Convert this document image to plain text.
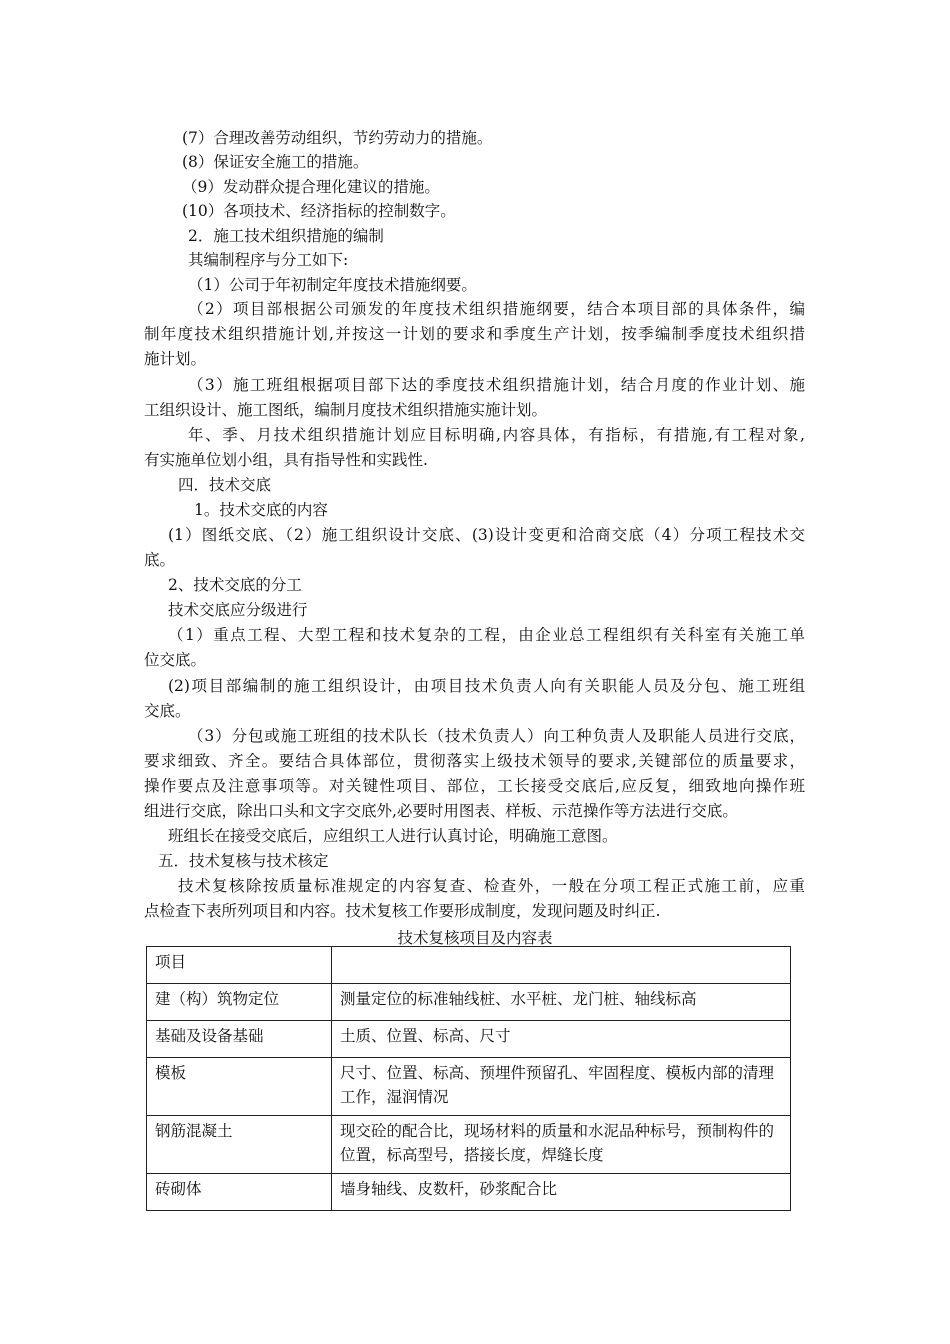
(7）合理改善劳动组织，节约劳动力的措施。
(8）保证安全施工的措施。
（9）发动群众提合理化建议的措施。
(10）各项技术、经济指标的控制数字。
2．施工技术组织措施的编制
其编制程序与分工如下:
（1）公司于年初制定年度技术措施纲要。
（2）项目部根据公司颁发的年度技术组织措施纲要，结合本项目部的具体条件，编
制年度技术组织措施计划,并按这一计划的要求和季度生产计划，按季编制季度技术组织措
施计划。
（3）施工班组根据项目部下达的季度技术组织措施计划，结合月度的作业计划、施
工组织设计、施工图纸，编制月度技术组织措施实施计划。
年、季、月技术组织措施计划应目标明确,内容具体，有指标，有措施,有工程对象,
有实施单位划小组，具有指导性和实践性.
四．技术交底
1。技术交底的内容
(1）图纸交底、（2）施工组织设计交底、(3)设计变更和洽商交底（4）分项工程技术交
底。
2、技术交底的分工
技术交底应分级进行
（1）重点工程、大型工程和技术复杂的工程，由企业总工程组织有关科室有关施工单
位交底。
(2)项目部编制的施工组织设计，由项目技术负责人向有关职能人员及分包、施工班组
交底。
（3）分包或施工班组的技术队长（技术负责人）向工种负责人及职能人员进行交底，
要求细致、齐全。要结合具体部位，贯彻落实上级技术领导的要求,关键部位的质量要求，
操作要点及注意事项等。对关键性项目、部位，工长接受交底后,应反复，细致地向操作班
组进行交底，除出口头和文字交底外,必要时用图表、样板、示范操作等方法进行交底。
班组长在接受交底后，应组织工人进行认真讨论，明确施工意图。
五．技术复核与技术核定
技术复核除按质量标准规定的内容复查、检查外，一般在分项工程正式施工前，应重
点检查下表所列项目和内容。技术复核工作要形成制度，发现问题及时纠正.
技术复核项目及内容表
项目	
建（构）筑物定位	测量定位的标准轴线桩、水平桩、龙门桩、轴线标高
基础及设备基础	土质、位置、标高、尺寸
模板	尺寸、位置、标高、预埋件预留孔、牢固程度、模板内部的清理工作，湿润情况
钢筋混凝土	现交砼的配合比，现场材料的质量和水泥品种标号，预制构件的位置，标高型号，搭接长度，焊缝长度
砖砌体	墙身轴线、皮数杆，砂浆配合比
